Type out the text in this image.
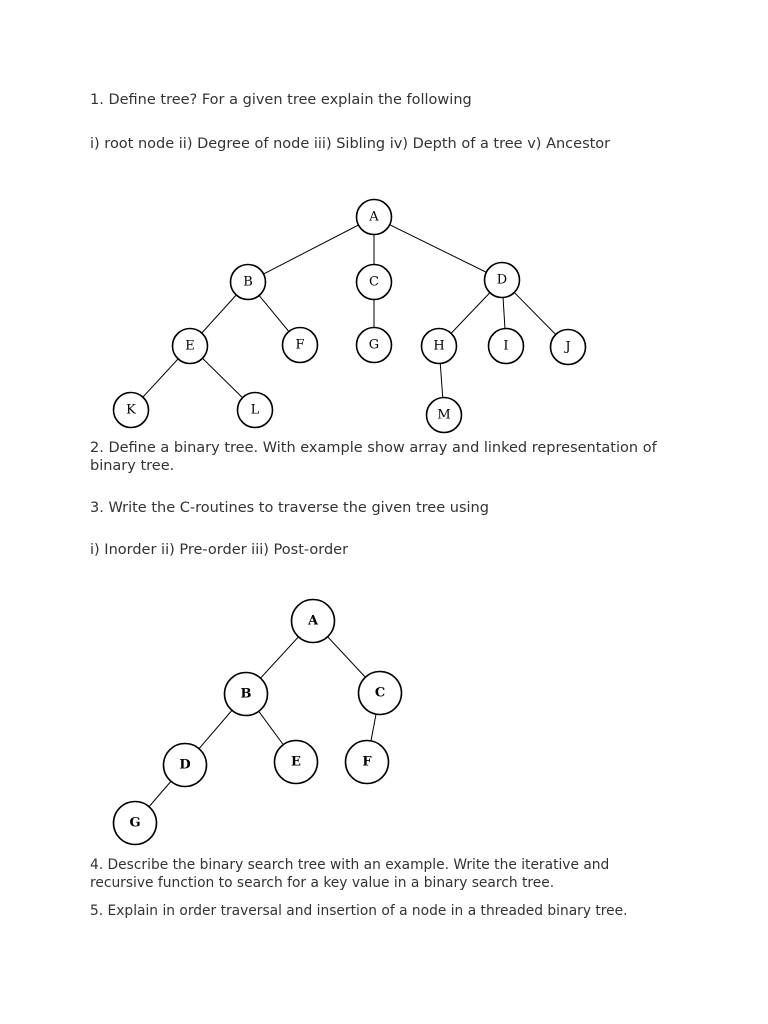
1. Define tree? For a given tree explain the following

i) root node ii) Degree of node iii) Sibling iv) Depth of a tree v) Ancestor

A
B	C	D
E	F	G	H	I	J
K	L	M

2. Define a binary tree. With example show array and linked representation of binary tree.

3. Write the C-routines to traverse the given tree using

i) Inorder ii) Pre-order iii) Post-order

A
B	C
D	E	F
G

4. Describe the binary search tree with an example. Write the iterative and recursive function to search for a key value in a binary search tree.

5. Explain in order traversal and insertion of a node in a threaded binary tree.
